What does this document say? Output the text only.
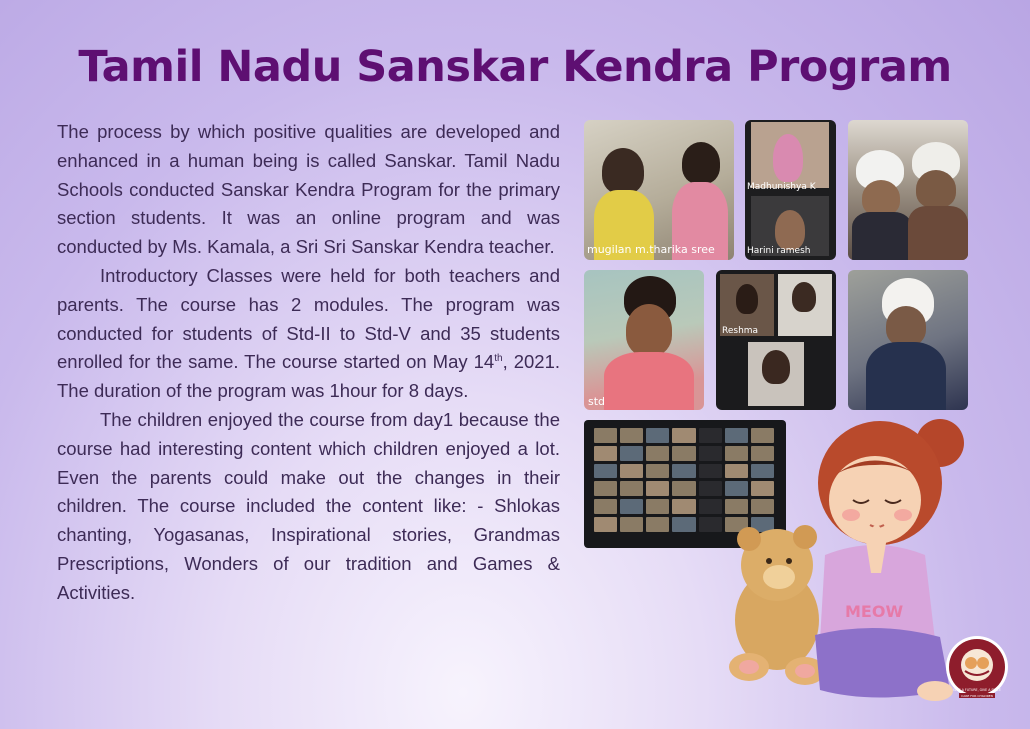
Tamil Nadu Sanskar Kendra Program

The process by which positive qualities are developed and enhanced in a human being is called Sanskar. Tamil Nadu Schools conducted Sanskar Kendra Program for the primary section students. It was an online program and was conducted by Ms. Kamala, a Sri Sri Sanskar Kendra teacher.

Introductory Classes were held for both teachers and parents. The course has 2 modules. The program was conducted for students of Std-II to Std-V and 35 students enrolled for the same. The course started on May 14th, 2021. The duration of the program was 1hour for 8 days.

The children enjoyed the course from day1 because the course had interesting content which children enjoyed a lot. Even the parents could make out the changes in their children. The course included the content like: - Shlokas chanting, Yogasanas, Inspirational stories, Grandmas Prescriptions, Wonders of our tradition and Games & Activities.

mugilan m.tharika sree
Madhunishya K
Harini ramesh
std
Reshma
MEOW
GIVE A FUTURE, GIVE A SMILE
CARE FOR CHILDREN
